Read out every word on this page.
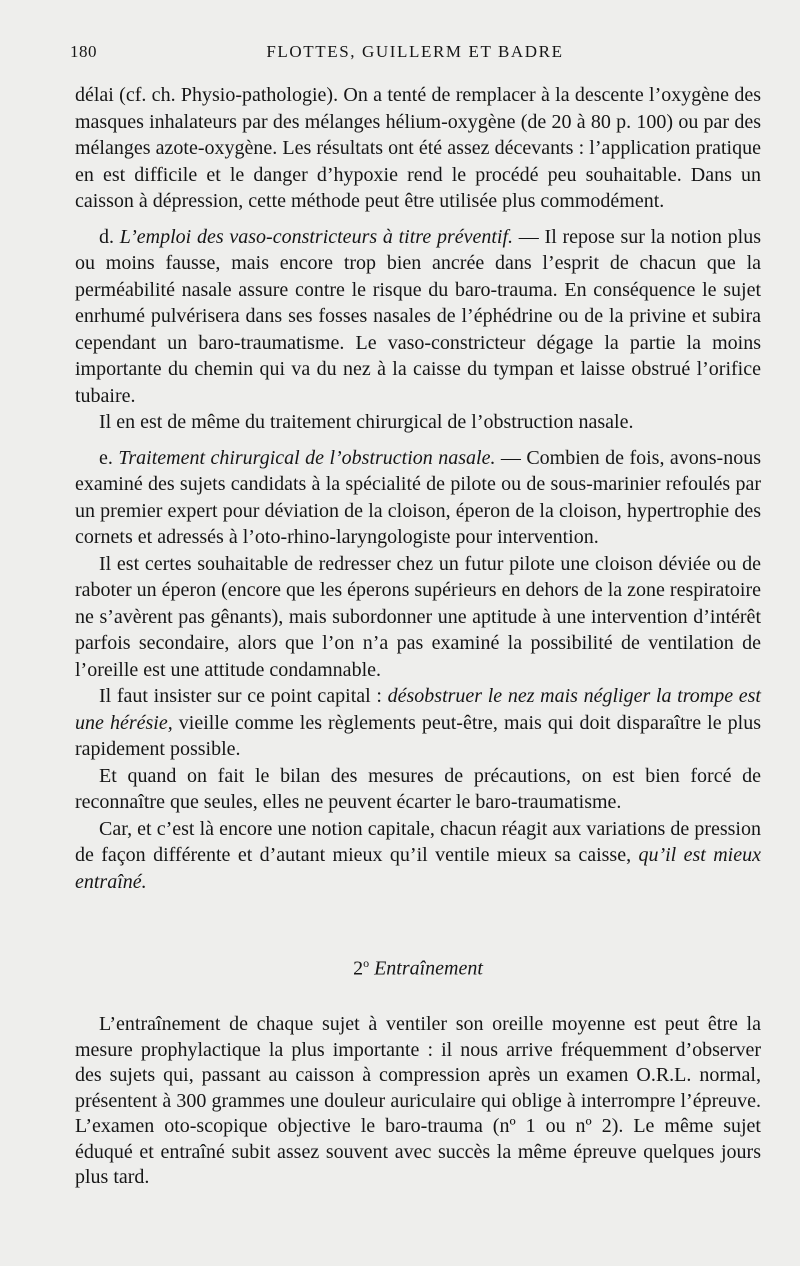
180	FLOTTES, GUILLERM ET BADRE

délai (cf. ch. Physio-pathologie). On a tenté de remplacer à la descente l’oxygène des masques inhalateurs par des mélanges hélium-oxygène (de 20 à 80 p. 100) ou par des mélanges azote-oxygène. Les résultats ont été assez décevants : l’application pratique en est difficile et le danger d’hypoxie rend le procédé peu souhaitable. Dans un caisson à dépression, cette méthode peut être utilisée plus commodément.

d. L’emploi des vaso-constricteurs à titre préventif. — Il repose sur la notion plus ou moins fausse, mais encore trop bien ancrée dans l’esprit de chacun que la perméabilité nasale assure contre le risque du baro-trauma. En conséquence le sujet enrhumé pulvérisera dans ses fosses nasales de l’éphédrine ou de la privine et subira cependant un baro-traumatisme. Le vaso-constricteur dégage la partie la moins importante du chemin qui va du nez à la caisse du tympan et laisse obstrué l’orifice tubaire.

Il en est de même du traitement chirurgical de l’obstruction nasale.

e. Traitement chirurgical de l’obstruction nasale. — Combien de fois, avons-nous examiné des sujets candidats à la spécialité de pilote ou de sous-marinier refoulés par un premier expert pour déviation de la cloison, éperon de la cloison, hypertrophie des cornets et adressés à l’oto-rhino-laryngologiste pour intervention.

Il est certes souhaitable de redresser chez un futur pilote une cloison déviée ou de raboter un éperon (encore que les éperons supérieurs en dehors de la zone respiratoire ne s’avèrent pas gênants), mais subordonner une aptitude à une intervention d’intérêt parfois secondaire, alors que l’on n’a pas examiné la possibilité de ventilation de l’oreille est une attitude condamnable.

Il faut insister sur ce point capital : désobstruer le nez mais négliger la trompe est une hérésie, vieille comme les règlements peut-être, mais qui doit disparaître le plus rapidement possible.

Et quand on fait le bilan des mesures de précautions, on est bien forcé de reconnaître que seules, elles ne peuvent écarter le baro-traumatisme.

Car, et c’est là encore une notion capitale, chacun réagit aux variations de pression de façon différente et d’autant mieux qu’il ventile mieux sa caisse, qu’il est mieux entraîné.

2$^o$ Entraînement

L’entraînement de chaque sujet à ventiler son oreille moyenne est peut être la mesure prophylactique la plus importante : il nous arrive fréquemment d’observer des sujets qui, passant au caisson à compression après un examen O.R.L. normal, présentent à 300 grammes une douleur auriculaire qui oblige à interrompre l’épreuve. L’examen oto-scopique objective le baro-trauma (nº 1 ou nº 2). Le même sujet éduqué et entraîné subit assez souvent avec succès la même épreuve quelques jours plus tard.
